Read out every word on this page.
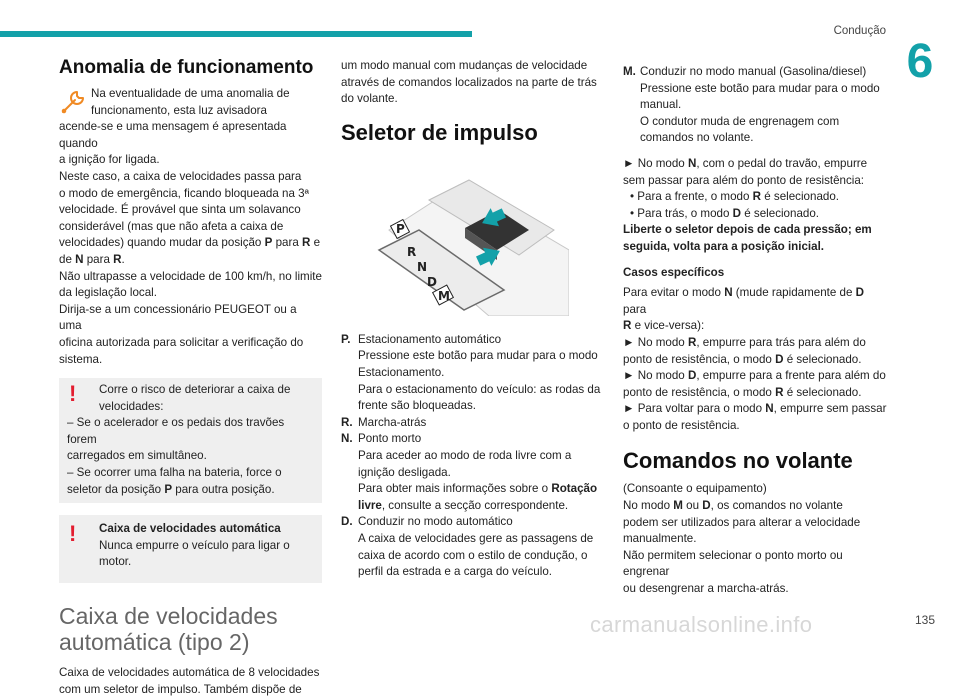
Condução
6
Anomalia de funcionamento

Na eventualidade de uma anomalia de

funcionamento, esta luz avisadora

acende-se e uma mensagem é apresentada quando

a ignição for ligada.

Neste caso, a caixa de velocidades passa para

o modo de emergência, ficando bloqueada na 3ª

velocidade. É provável que sinta um solavanco

considerável (mas que não afeta a caixa de

velocidades) quando mudar da posição P para R e

de N para R.

Não ultrapasse a velocidade de 100 km/h, no limite

da legislação local.

Dirija-se a um concessionário PEUGEOT ou a uma

oficina autorizada para solicitar a verificação do

sistema.

!	Corre o risco de deteriorar a caixa de

velocidades:

– Se o acelerador e os pedais dos travões forem

carregados em simultâneo.

– Se ocorrer uma falha na bateria, force o

seletor da posição P para outra posição.

!	Caixa de velocidades automática

Nunca empurre o veículo para ligar o motor.

Caixa de velocidades

automática (tipo 2)

Caixa de velocidades automática de 8 velocidades

com um seletor de impulso. Também dispõe de

um modo manual com mudanças de velocidade

através de comandos localizados na parte de trás

do volante.

Seletor de impulso
P
R
N
D
M
P. Estacionamento automático

Pressione este botão para mudar para o modo

Estacionamento.

Para o estacionamento do veículo: as rodas da

frente são bloqueadas.

R. Marcha-atrás

N. Ponto morto

Para aceder ao modo de roda livre com a

ignição desligada.

Para obter mais informações sobre o Rotação

livre, consulte a secção correspondente.

D. Conduzir no modo automático

A caixa de velocidades gere as passagens de

caixa de acordo com o estilo de condução, o

perfil da estrada e a carga do veículo.

M. Conduzir no modo manual (Gasolina/diesel)

Pressione este botão para mudar para o modo

manual.

O condutor muda de engrenagem com

comandos no volante.

► No modo N, com o pedal do travão, empurre

sem passar para além do ponto de resistência:

• Para a frente, o modo R é selecionado.

• Para trás, o modo D é selecionado.

Liberte o seletor depois de cada pressão; em

seguida, volta para a posição inicial.

Casos específicos

Para evitar o modo N (mude rapidamente de D para

R e vice-versa):

► No modo R, empurre para trás para além do

ponto de resistência, o modo D é selecionado.

► No modo D, empurre para a frente para além do

ponto de resistência, o modo R é selecionado.

► Para voltar para o modo N, empurre sem passar

o ponto de resistência.

Comandos no volante

(Consoante o equipamento)

No modo M ou D, os comandos no volante

podem ser utilizados para alterar a velocidade

manualmente.

Não permitem selecionar o ponto morto ou engrenar

ou desengrenar a marcha-atrás.

carmanualsonline.info	135
